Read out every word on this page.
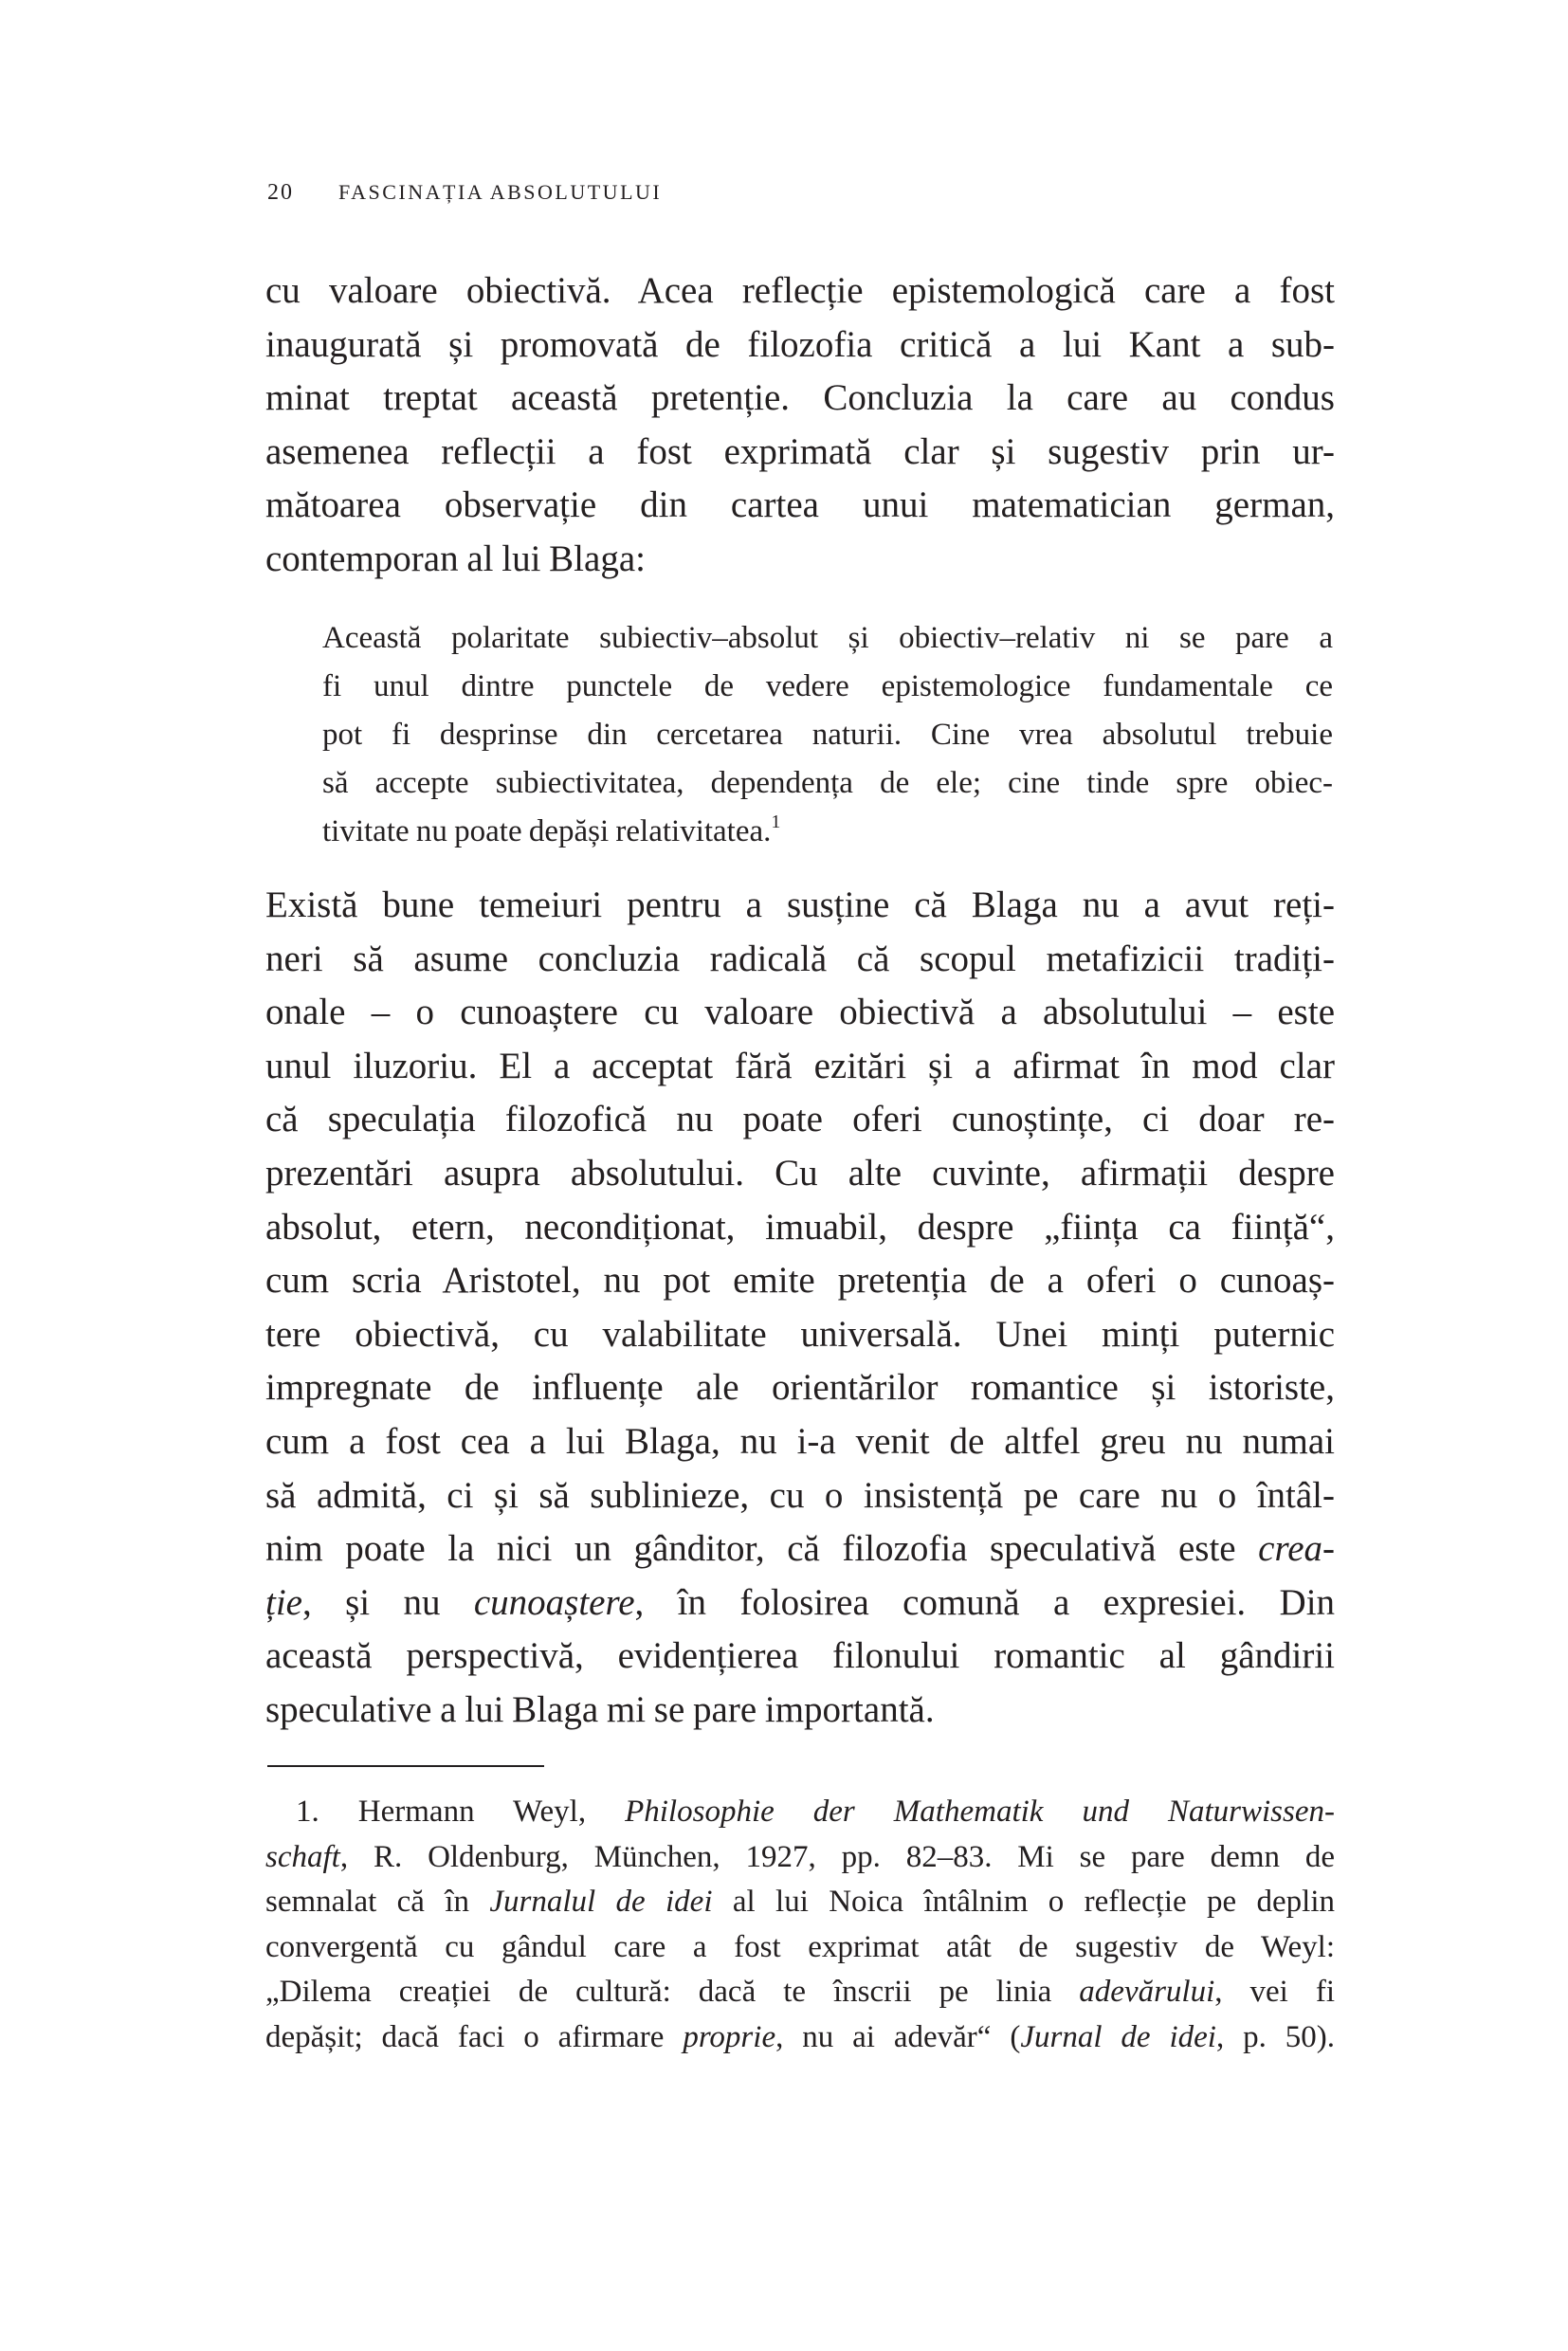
20 FASCINAȚIA ABSOLUTULUI

cu valoare obiectivă. Acea reflecție epistemologică care a fost
inaugurată și promovată de filozofia critică a lui Kant a sub-
minat treptat această pretenție. Concluzia la care au condus
asemenea reflecții a fost exprimată clar și sugestiv prin ur-
mătoarea observație din cartea unui matematician german,
contemporan al lui Blaga:

Această polaritate subiectiv–absolut și obiectiv–relativ ni se pare a
fi unul dintre punctele de vedere epistemologice fundamentale ce
pot fi desprinse din cercetarea naturii. Cine vrea absolutul trebuie
să accepte subiectivitatea, dependența de ele; cine tinde spre obiec-
tivitate nu poate depăși relativitatea.$^1$

Există bune temeiuri pentru a susține că Blaga nu a avut reți-
neri să asume concluzia radicală că scopul metafizicii tradiți-
onale – o cunoaștere cu valoare obiectivă a absolutului – este
unul iluzoriu. El a acceptat fără ezitări și a afirmat în mod clar
că speculația filozofică nu poate oferi cunoștințe, ci doar re-
prezentări asupra absolutului. Cu alte cuvinte, afirmații despre
absolut, etern, necondiționat, imuabil, despre „ființa ca ființă“,
cum scria Aristotel, nu pot emite pretenția de a oferi o cunoaș-
tere obiectivă, cu valabilitate universală. Unei minți puternic
impregnate de influențe ale orientărilor romantice și istoriste,
cum a fost cea a lui Blaga, nu i-a venit de altfel greu nu numai
să admită, ci și să sublinieze, cu o insistență pe care nu o întâl-
nim poate la nici un gânditor, că filozofia speculativă este crea-
ție, și nu cunoaștere, în folosirea comună a expresiei. Din
această perspectivă, evidențierea filonului romantic al gândirii
speculative a lui Blaga mi se pare importantă.

1. Hermann Weyl, Philosophie der Mathematik und Naturwissen-
schaft, R. Oldenburg, München, 1927, pp. 82–83. Mi se pare demn de
semnalat că în Jurnalul de idei al lui Noica întâlnim o reflecție pe deplin
convergentă cu gândul care a fost exprimat atât de sugestiv de Weyl:
„Dilema creației de cultură: dacă te înscrii pe linia adevărului, vei fi
depășit; dacă faci o afirmare proprie, nu ai adevăr“ (Jurnal de idei, p. 50).
